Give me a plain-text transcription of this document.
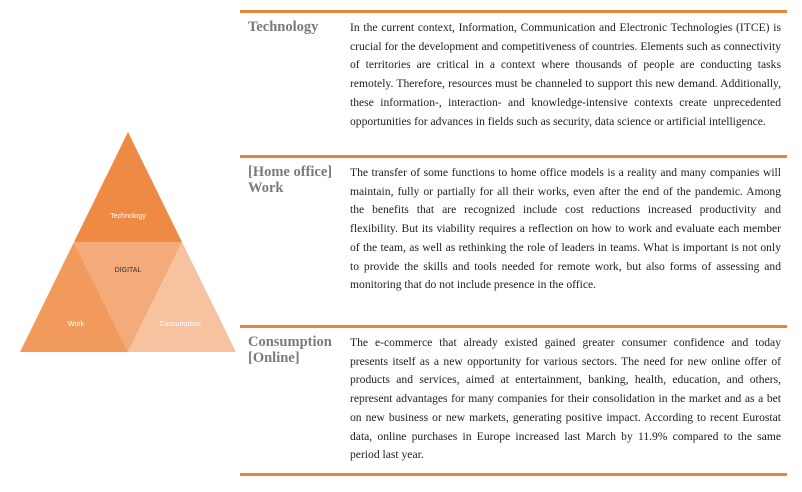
Technology
DIGITAL
Work	Consumption
Technology	In the current context, Information, Communication and Electronic Technologies (ITCE) is crucial for the development and competitiveness of countries. Elements such as connectivity of territories are critical in a context where thousands of people are conducting tasks remotely. Therefore, resources must be channeled to support this new demand. Additionally, these information-, interaction- and knowledge-intensive contexts create unprecedented opportunities for advances in fields such as security, data science or artificial intelligence.
[Home office]
Work
The transfer of some functions to home office models is a reality and many companies will maintain, fully or partially for all their works, even after the end of the pandemic. Among the benefits that are recognized include cost reductions increased productivity and flexibility. But its viability requires a reflection on how to work and evaluate each member of the team, as well as rethinking the role of leaders in teams. What is important is not only to provide the skills and tools needed for remote work, but also forms of assessing and monitoring that do not include presence in the office.
Consumption
[Online]
The e-commerce that already existed gained greater consumer confidence and today presents itself as a new opportunity for various sectors. The need for new online offer of products and services, aimed at entertainment, banking, health, education, and others, represent advantages for many companies for their consolidation in the market and as a bet on new business or new markets, generating positive impact. According to recent Eurostat data, online purchases in Europe increased last March by 11.9% compared to the same period last year.
